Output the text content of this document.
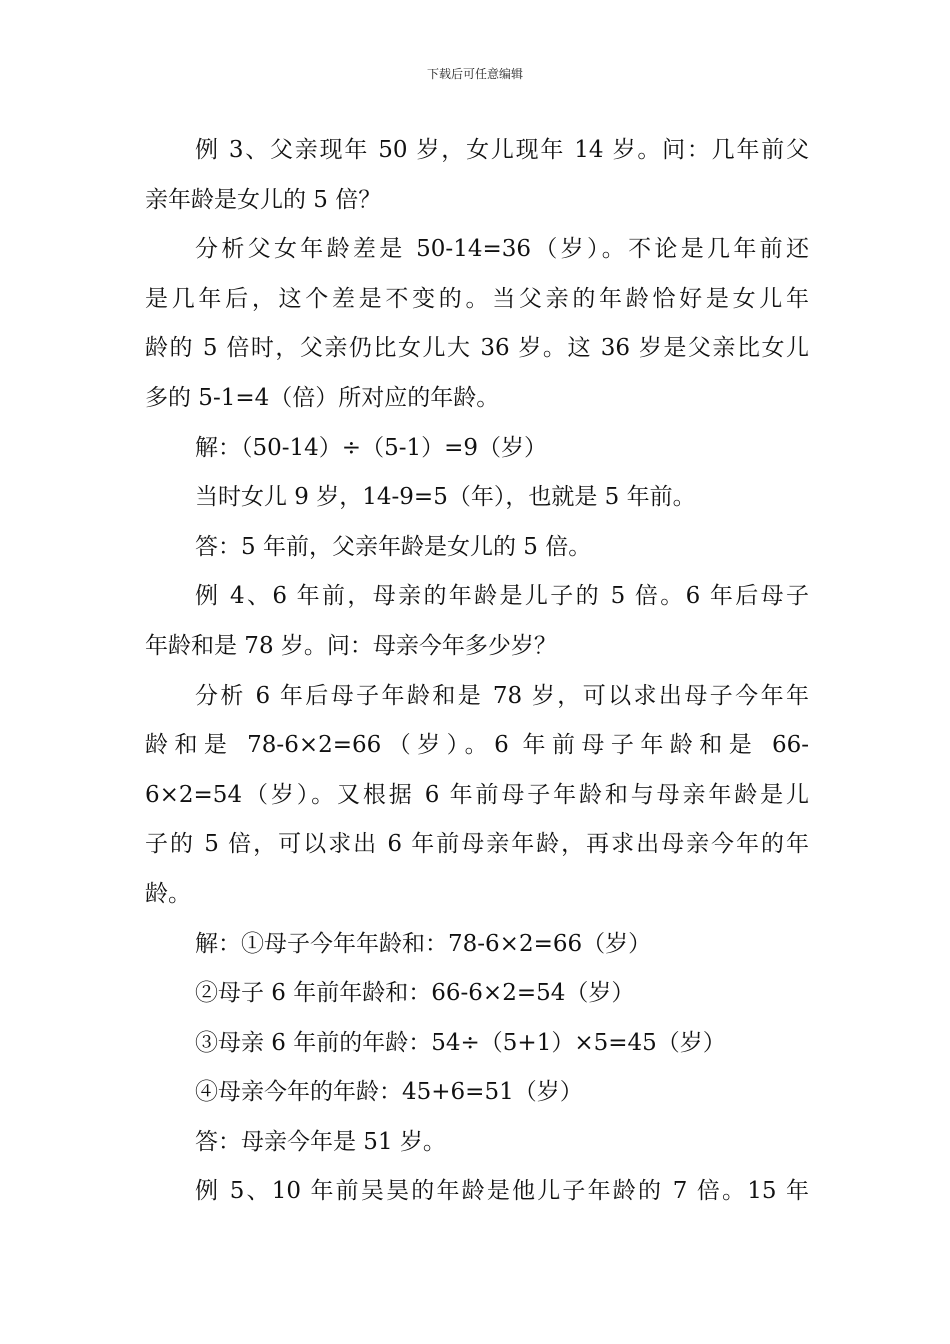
下载后可任意编辑

例 3、父亲现年 50 岁，女儿现年 14 岁。问：几年前父

亲年龄是女儿的 5 倍？

分析父女年龄差是 50-14=36（岁）。不论是几年前还

是几年后，这个差是不变的。当父亲的年龄恰好是女儿年

龄的 5 倍时，父亲仍比女儿大 36 岁。这 36 岁是父亲比女儿

多的 5-1=4（倍）所对应的年龄。

解：（50-14）÷（5-1）=9（岁）

当时女儿 9 岁，14-9=5（年），也就是 5 年前。

答：5 年前，父亲年龄是女儿的 5 倍。

例 4、6 年前，母亲的年龄是儿子的 5 倍。6 年后母子

年龄和是 78 岁。问：母亲今年多少岁？

分析 6 年后母子年龄和是 78 岁，可以求出母子今年年

龄和是 78-6×2=66（岁）。6 年前母子年龄和是 66-

6×2=54（岁）。又根据 6 年前母子年龄和与母亲年龄是儿

子的 5 倍，可以求出 6 年前母亲年龄，再求出母亲今年的年

龄。

解：①母子今年年龄和：78-6×2=66（岁）

②母子 6 年前年龄和：66-6×2=54（岁）

③母亲 6 年前的年龄：54÷（5+1）×5=45（岁）

④母亲今年的年龄：45+6=51（岁）

答：母亲今年是 51 岁。

例 5、10 年前吴昊的年龄是他儿子年龄的 7 倍。15 年
